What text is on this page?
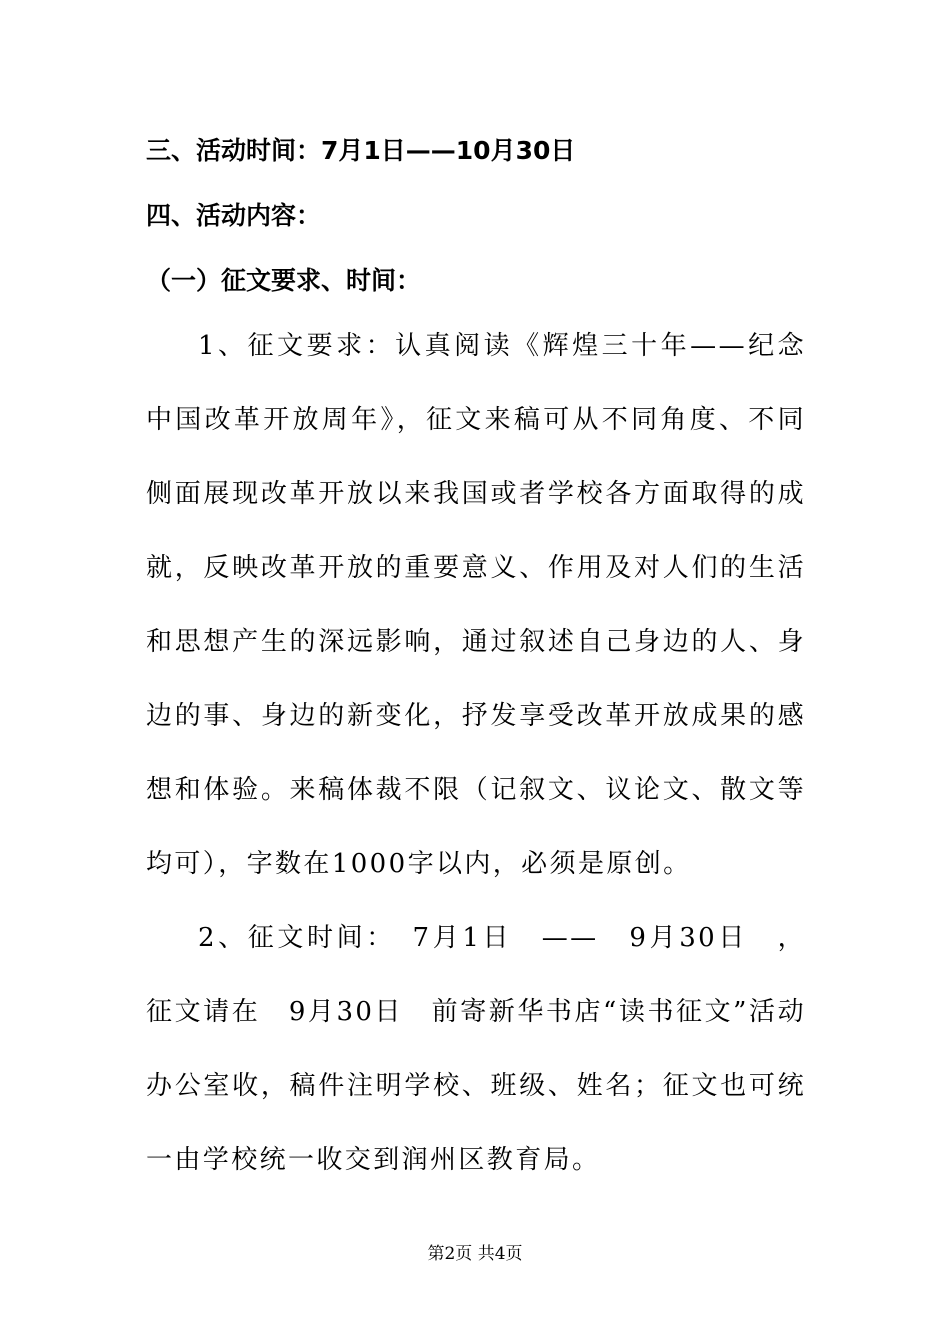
三、活动时间：7月1日——10月30日
四、活动内容：
（一）征文要求、时间：

1、征文要求：认真阅读《辉煌三十年——纪念中国改革开放周年》，征文来稿可从不同角度、不同侧面展现改革开放以来我国或者学校各方面取得的成就，反映改革开放的重要意义、作用及对人们的生活和思想产生的深远影响，通过叙述自己身边的人、身边的事、身边的新变化，抒发享受改革开放成果的感想和体验。来稿体裁不限（记叙文、议论文、散文等均可），字数在1000字以内，必须是原创。

2、征文时间：　7月1日　——　9月30日　，征文请在　9月30日　前寄新华书店“读书征文”活动办公室收，稿件注明学校、班级、姓名；征文也可统一由学校统一收交到润州区教育局。

第2页 共4页
